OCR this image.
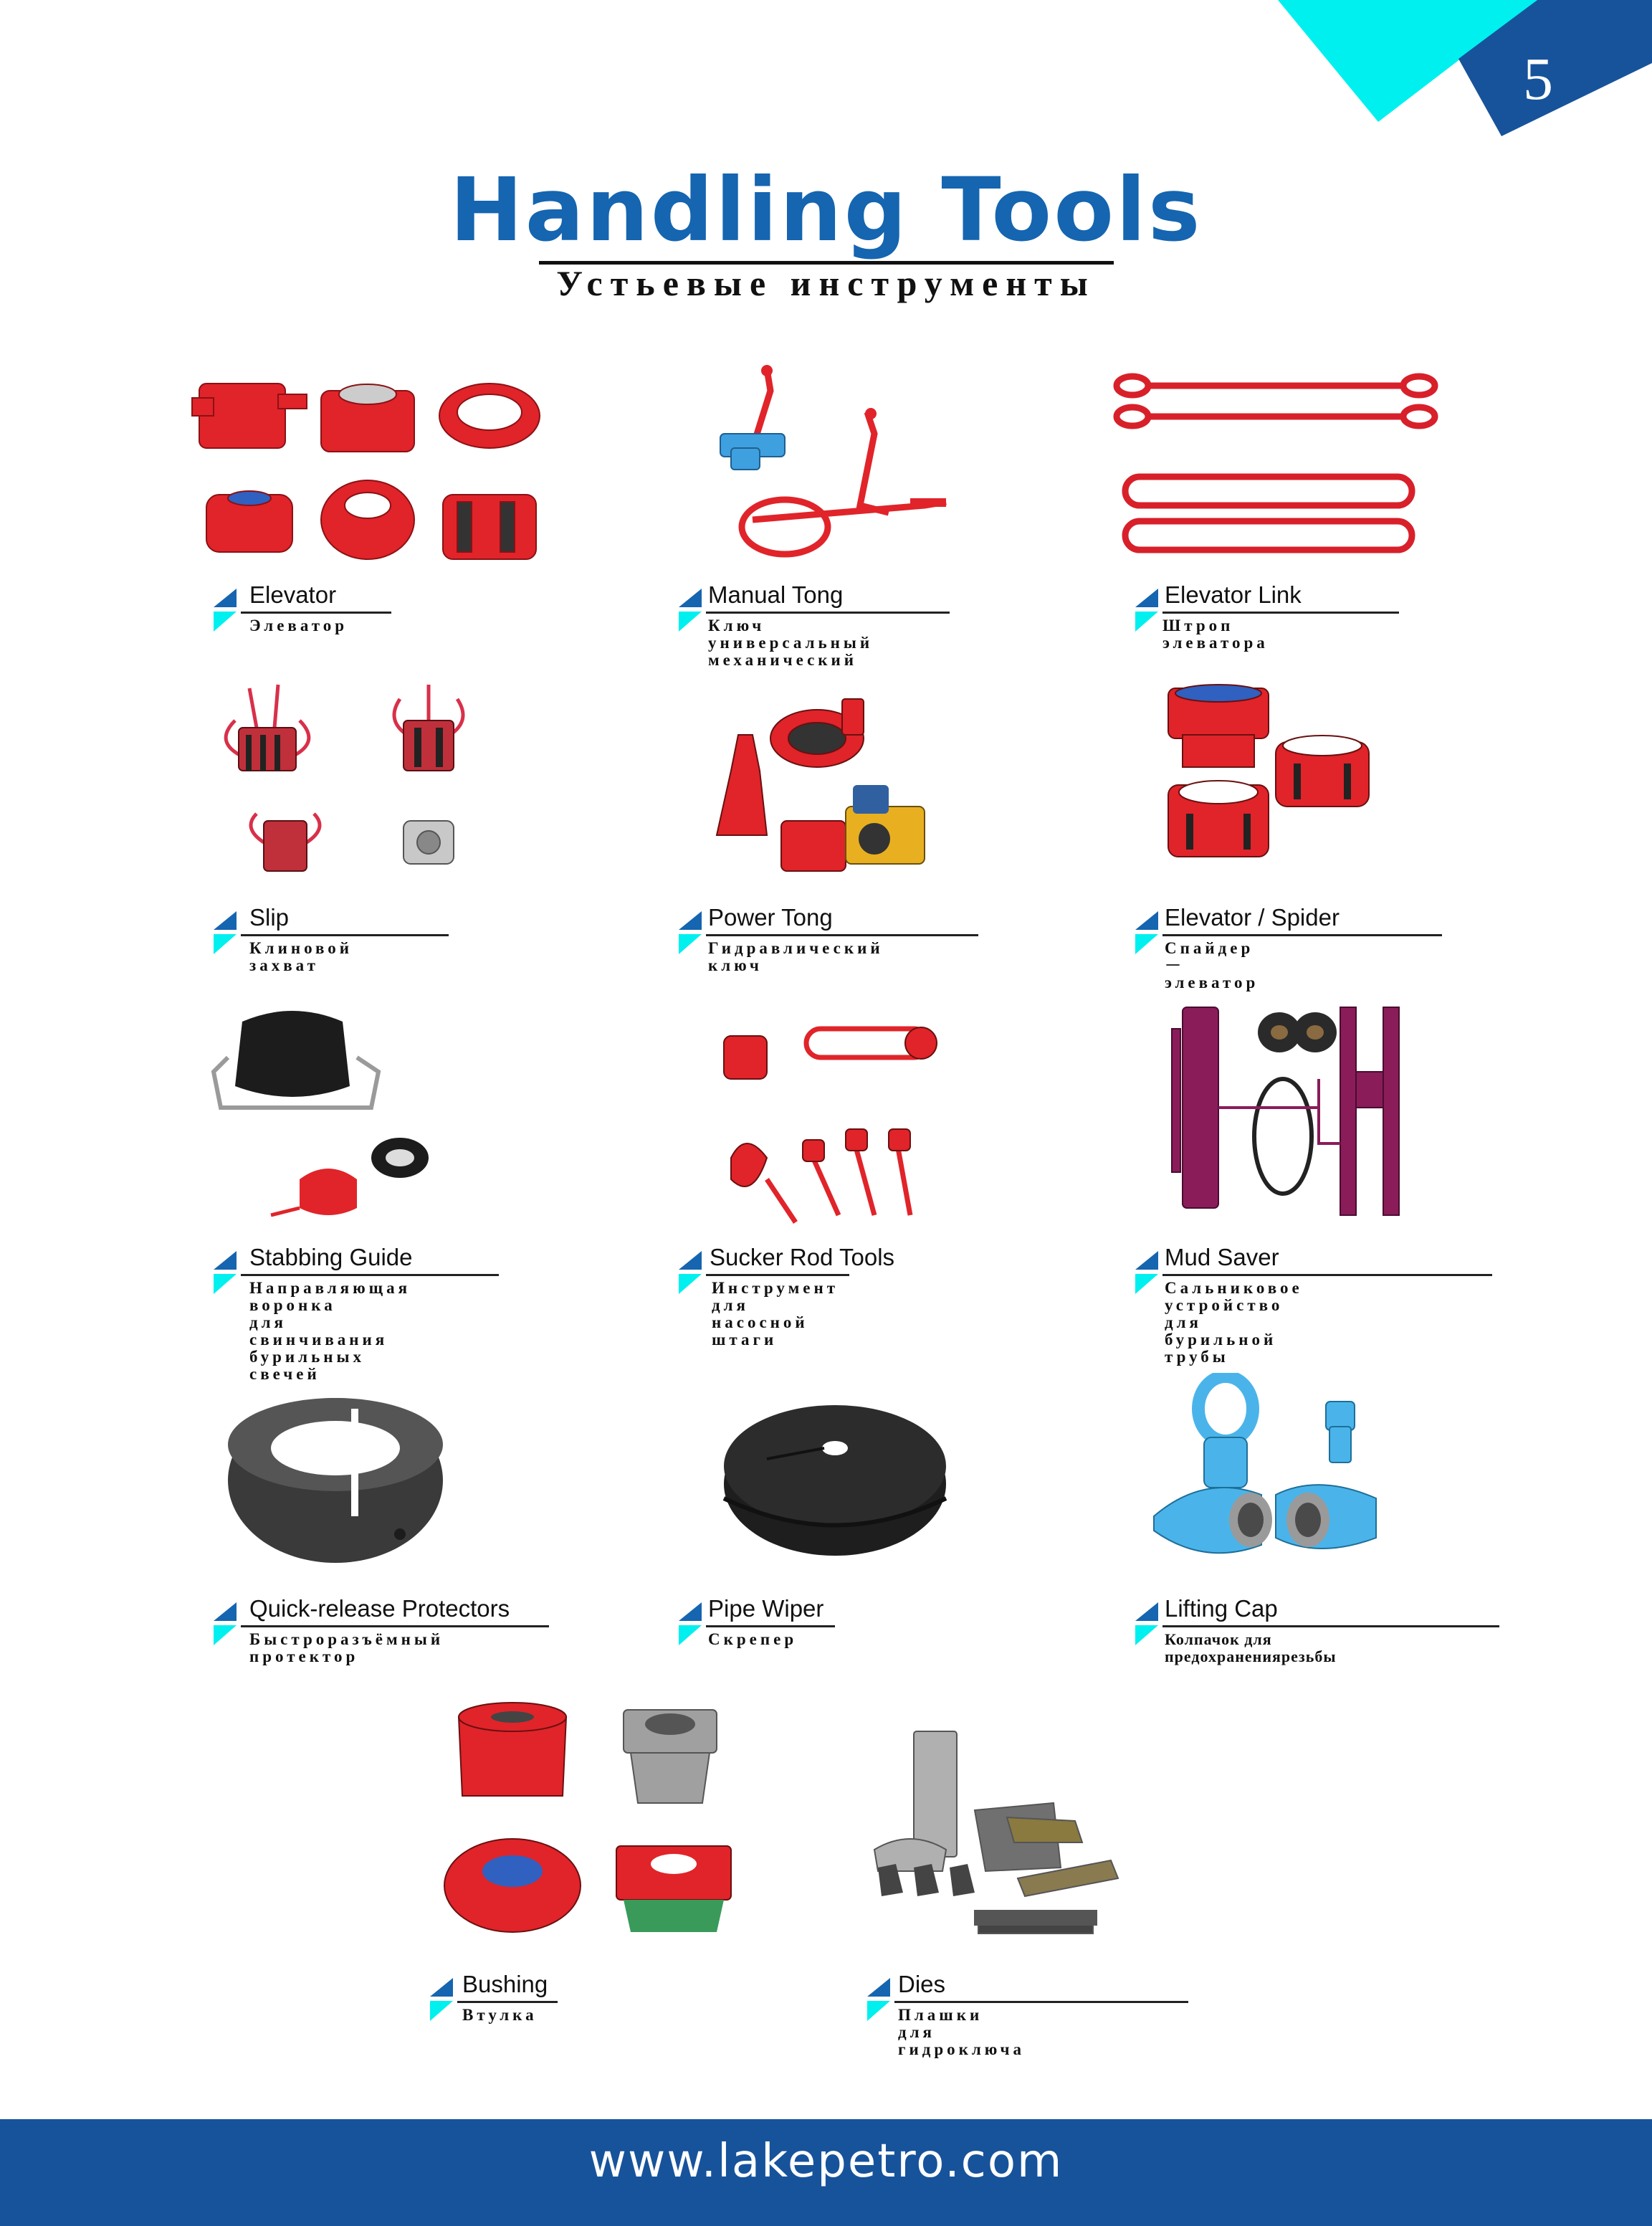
5
Handling Tools
Устьевые инструменты
Elevator
Элеватор
Manual Tong
Ключ универсальный
механический
Elevator Link
Штроп элеватора
Slip
Клиновой захват
Power Tong
Гидравлический ключ
Elevator / Spider
Спайдер－элеватор
Stabbing Guide
Направляющая воронка
для свинчивания
бурильных свечей
Sucker Rod Tools
Инструмент для
насосной штаги
Mud Saver
Сальниковое устройство
для бурильной трубы
Quick-release Protectors
Быстроразъёмный протектор
Pipe Wiper
Скрепер
Lifting Cap
Колпачок для предохранениярезьбы
Bushing
Втулка
Dies
Плашки для гидроключа
www.lakepetro.com
